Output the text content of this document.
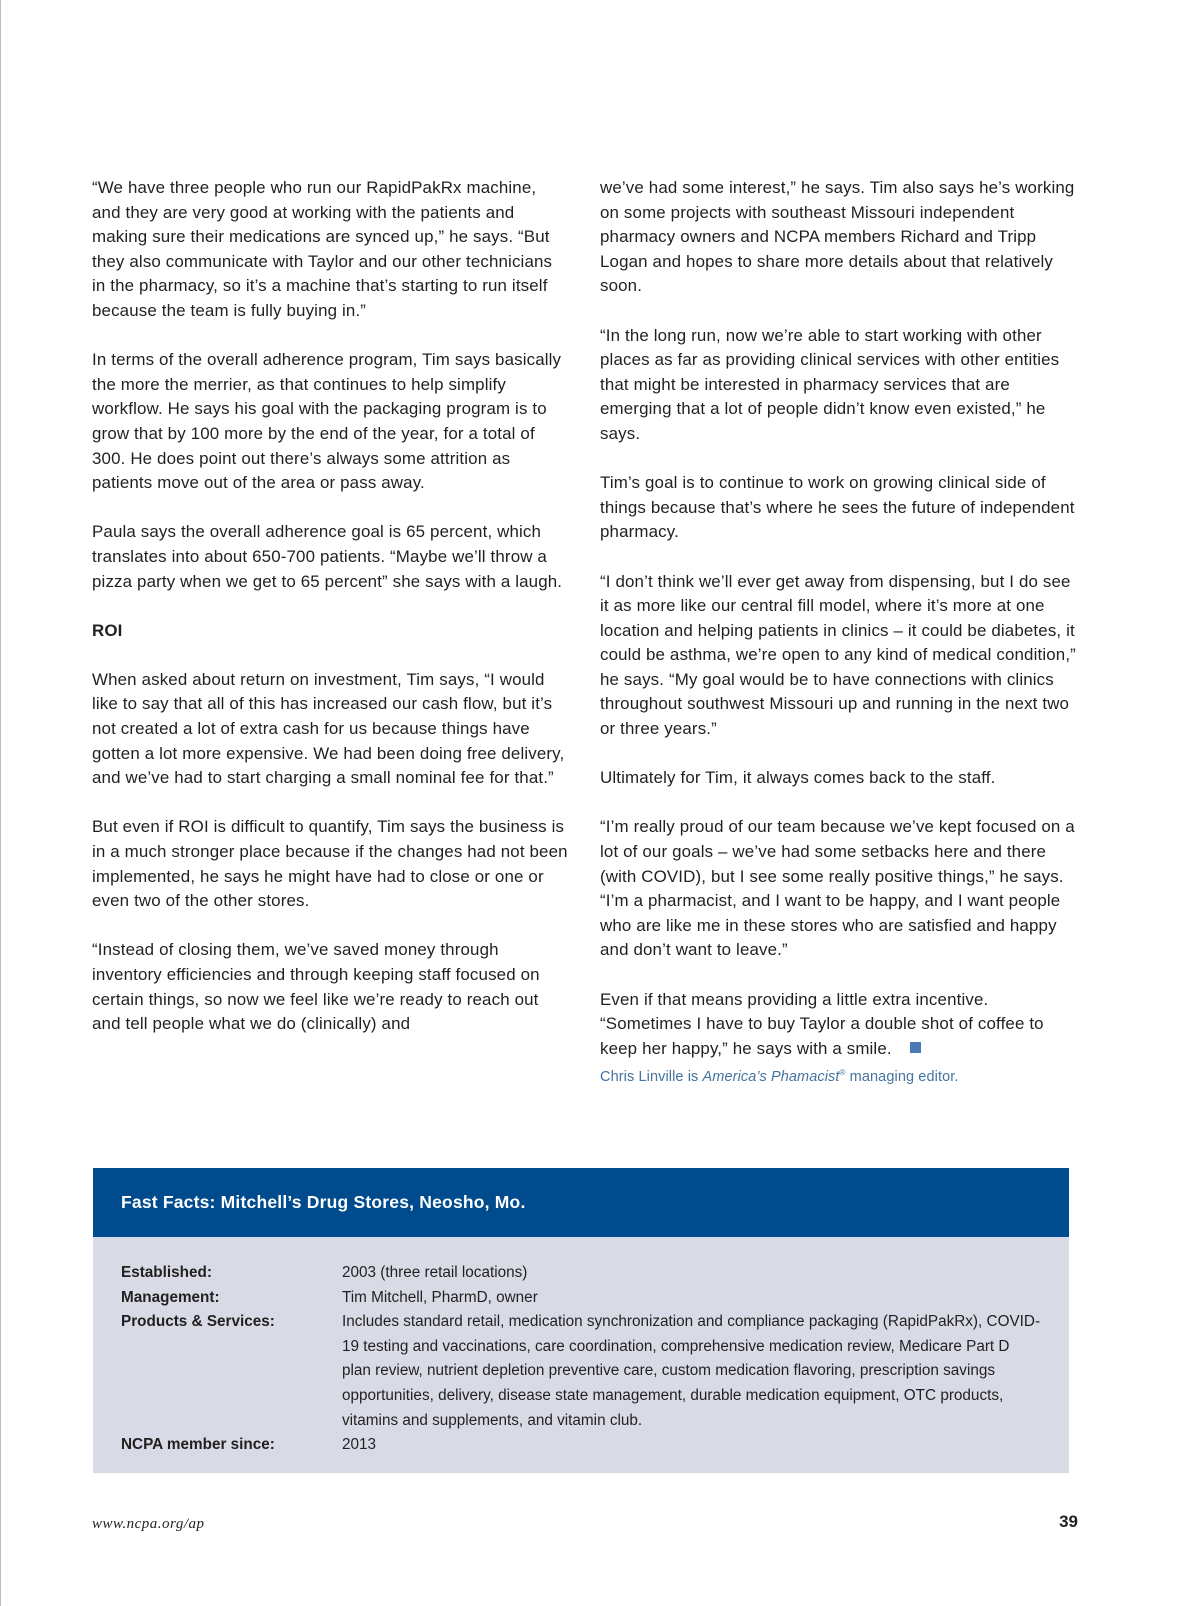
“We have three people who run our RapidPakRx machine, and they are very good at working with the patients and making sure their medications are synced up,” he says. “But they also communicate with Taylor and our other technicians in the pharmacy, so it’s a machine that’s starting to run itself because the team is fully buying in.”

In terms of the overall adherence program, Tim says basically the more the merrier, as that continues to help simplify workflow. He says his goal with the packaging program is to grow that by 100 more by the end of the year, for a total of 300. He does point out there’s always some attrition as patients move out of the area or pass away.

Paula says the overall adherence goal is 65 percent, which translates into about 650-700 patients. “Maybe we’ll throw a pizza party when we get to 65 percent” she says with a laugh.

ROI

When asked about return on investment, Tim says, “I would like to say that all of this has increased our cash flow, but it’s not created a lot of extra cash for us because things have gotten a lot more expensive. We had been doing free delivery, and we’ve had to start charging a small nominal fee for that.”

But even if ROI is difficult to quantify, Tim says the business is in a much stronger place because if the changes had not been implemented, he says he might have had to close or one or even two of the other stores.

“Instead of closing them, we’ve saved money through inventory efficiencies and through keeping staff focused on certain things, so now we feel like we’re ready to reach out and tell people what we do (clinically) and

we’ve had some interest,” he says. Tim also says he’s working on some projects with southeast Missouri independent pharmacy owners and NCPA members Richard and Tripp Logan and hopes to share more details about that relatively soon.

“In the long run, now we’re able to start working with other places as far as providing clinical services with other entities that might be interested in pharmacy services that are emerging that a lot of people didn’t know even existed,” he says.

Tim’s goal is to continue to work on growing clinical side of things because that’s where he sees the future of independent pharmacy.

“I don’t think we’ll ever get away from dispensing, but I do see it as more like our central fill model, where it’s more at one location and helping patients in clinics – it could be diabetes, it could be asthma, we’re open to any kind of medical condition,” he says. “My goal would be to have connections with clinics throughout southwest Missouri up and running in the next two or three years.”

Ultimately for Tim, it always comes back to the staff.

“I’m really proud of our team because we’ve kept focused on a lot of our goals – we’ve had some setbacks here and there (with COVID), but I see some really positive things,” he says. “I’m a pharmacist, and I want to be happy, and I want people who are like me in these stores who are satisfied and happy and don’t want to leave.”

Even if that means providing a little extra incentive. “Sometimes I have to buy Taylor a double shot of coffee to keep her happy,” he says with a smile.

Chris Linville is America’s Phamacist® managing editor.

Fast Facts: Mitchell’s Drug Stores, Neosho, Mo.
Established:	2003 (three retail locations)
Management:	Tim Mitchell, PharmD, owner
Products & Services:	Includes standard retail, medication synchronization and compliance packaging (RapidPakRx), COVID-19 testing and vaccinations, care coordination, comprehensive medication review, Medicare Part D plan review, nutrient depletion preventive care, custom medication flavoring, prescription savings opportunities, delivery, disease state management, durable medication equipment, OTC products, vitamins and supplements, and vitamin club.
NCPA member since:	2013
www.ncpa.org/ap	39
